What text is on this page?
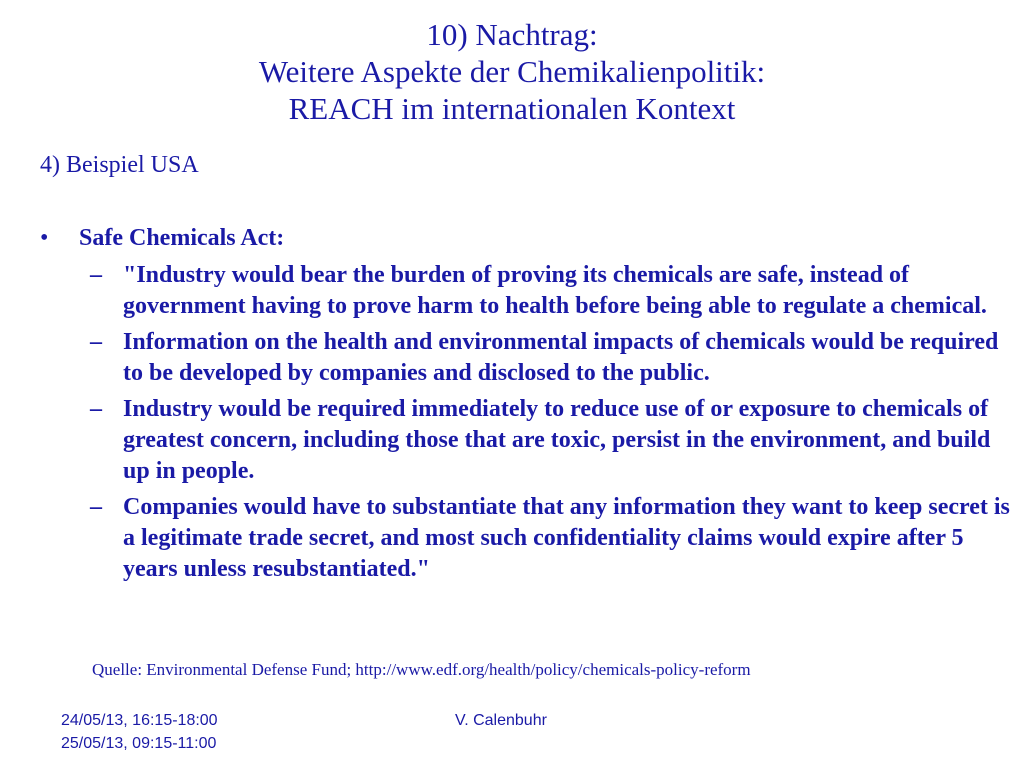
10) Nachtrag:
Weitere Aspekte der Chemikalienpolitik:
REACH im internationalen Kontext
4) Beispiel USA
•	Safe Chemicals Act:
– "Industry would bear the burden of proving its chemicals are safe, instead of government having to prove harm to health before being able to regulate a chemical.
– Information on the health and environmental impacts of chemicals would be required to be developed by companies and disclosed to the public.
– Industry would be required immediately to reduce use of or exposure to chemicals of greatest concern, including those that are toxic, persist in the environment, and build up in people.
– Companies would have to substantiate that any information they want to keep secret is a legitimate trade secret, and most such confidentiality claims would expire after 5 years unless resubstantiated."
Quelle: Environmental Defense Fund; http://www.edf.org/health/policy/chemicals-policy-reform
24/05/13, 16:15-18:00
25/05/13, 09:15-11:00
V. Calenbuhr
